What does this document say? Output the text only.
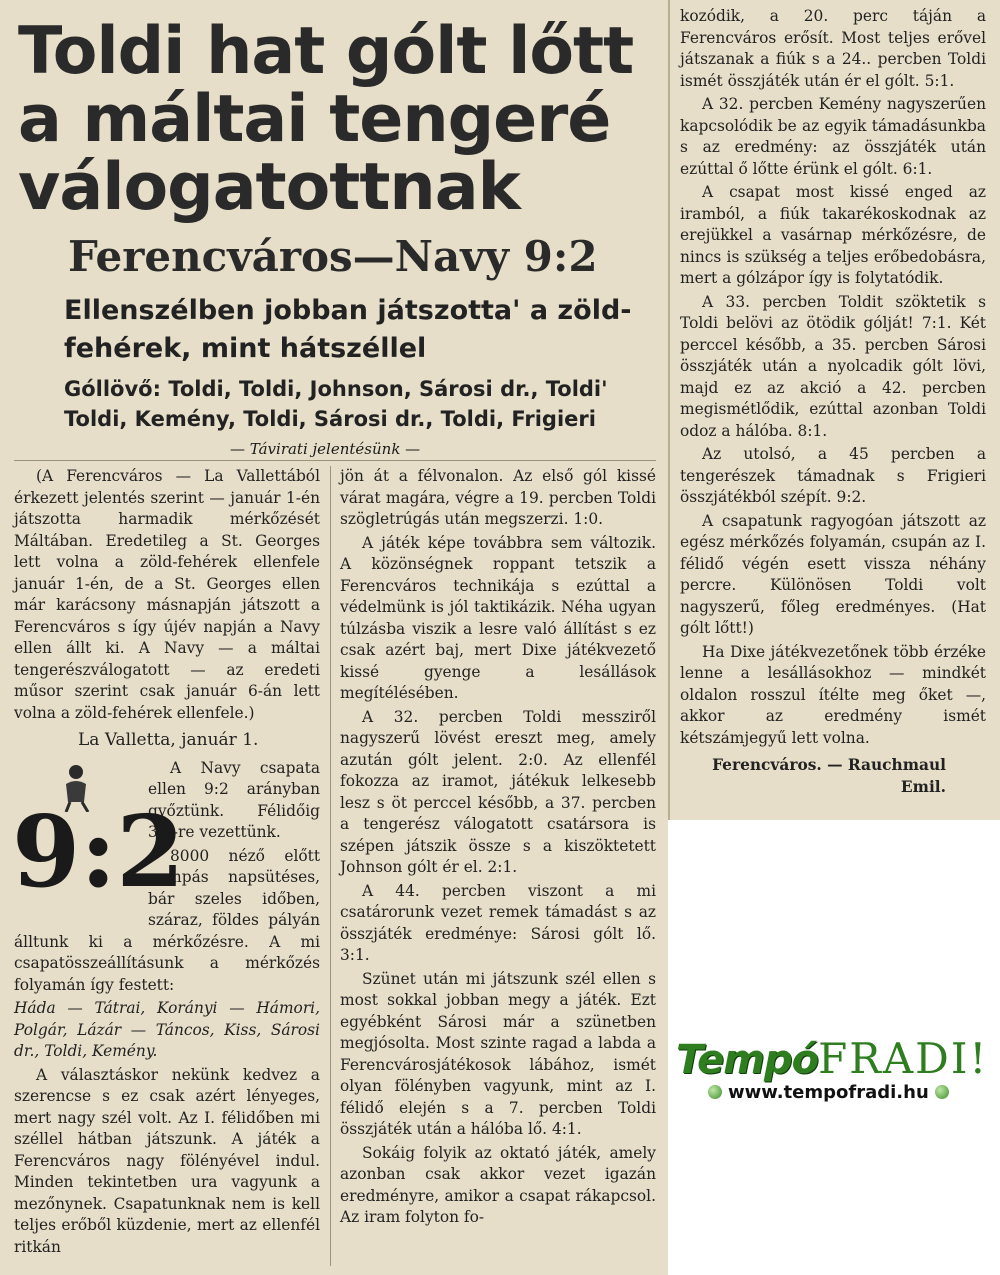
Toldi hat gólt lőtt
a máltai tengeré
válogatottnak
Ferencváros—Navy 9:2
Ellenszélben jobban játszotta' a zöld-fehérek, mint hátszéllel
Góllövő: Toldi, Toldi, Johnson, Sárosi dr., Toldi' Toldi, Kemény, Toldi, Sárosi dr., Toldi, Frigieri
— Távirati jelentésünk —

(A Ferencváros — La Vallettából érkezett jelentés szerint — január 1-én játszotta harmadik mérkőzését Máltában. Eredetileg a St. Georges lett volna a zöld-fehérek ellenfele január 1-én, de a St. Georges ellen már karácsony másnapján játszott a Ferencváros s így újév napján a Navy ellen állt ki. A Navy — a máltai tengerészválogatott — az eredeti műsor szerint csak január 6-án lett volna a zöld-fehérek ellenfele.)

La Valletta, január 1.

9:2

A Navy csapata ellen 9:2 arányban győztünk. Félidőig 3:1-re vezettünk.

8000 néző előtt pompás napsütéses, bár szeles időben, száraz, földes pályán álltunk ki a mérkőzésre. A mi csapatösszeállításunk a mérkőzés folyamán így festett:

Háda — Tátrai, Korányi — Hámori, Polgár, Lázár — Táncos, Kiss, Sárosi dr., Toldi, Kemény.

A választáskor nekünk kedvez a szerencse s ez csak azért lényeges, mert nagy szél volt. Az I. félidőben mi széllel hátban játszunk. A játék a Ferencváros nagy fölényével indul. Minden tekintetben ura vagyunk a mezőnynek. Csapatunknak nem is kell teljes erőből küzdenie, mert az ellenfél ritkán

jön át a félvonalon. Az első gól kissé várat magára, végre a 19. percben Toldi szögletrúgás után megszerzi. 1:0.

A játék képe továbbra sem változik. A közönségnek roppant tetszik a Ferencváros technikája s ezúttal a védelmünk is jól taktikázik. Néha ugyan túlzásba viszik a lesre való állítást s ez csak azért baj, mert Dixe játékvezető kissé gyenge a lesállások megítélésében.

A 32. percben Toldi messziről nagyszerű lövést ereszt meg, amely azután gólt jelent. 2:0. Az ellenfél fokozza az iramot, játékuk lelkesebb lesz s öt perccel később, a 37. percben a tengerész válogatott csatársora is szépen játszik össze s a kiszöktetett Johnson gólt ér el. 2:1.

A 44. percben viszont a mi csatárorunk vezet remek támadást s az összjáték eredménye: Sárosi gólt lő. 3:1.

Szünet után mi játszunk szél ellen s most sokkal jobban megy a játék. Ezt egyébként Sárosi már a szünetben megjósolta. Most szinte ragad a labda a Ferencvárosjátékosok lábához, ismét olyan fölényben vagyunk, mint az I. félidő elején s a 7. percben Toldi összjáték után a hálóba lő. 4:1.

Sokáig folyik az oktató játék, amely azonban csak akkor vezet igazán eredményre, amikor a csapat rákapcsol. Az iram folyton fo-

kozódik, a 20. perc táján a Ferencváros erősít. Most teljes erővel játszanak a fiúk s a 24.. percben Toldi ismét összjáték után ér el gólt. 5:1.

A 32. percben Kemény nagyszerűen kapcsolódik be az egyik támadásunkba s az eredmény: az összjáték után ezúttal ő lőtte érünk el gólt. 6:1.

A csapat most kissé enged az iramból, a fiúk takarékoskodnak az erejükkel a vasárnap mérkőzésre, de nincs is szükség a teljes erőbedobásra, mert a gólzápor így is folytatódik.

A 33. percben Toldit szöktetik s Toldi belövi az ötödik gólját! 7:1. Két perccel később, a 35. percben Sárosi összjáték után a nyolcadik gólt lövi, majd ez az akció a 42. percben megismétlődik, ezúttal azonban Toldi odoz a hálóba. 8:1.

Az utolsó, a 45 percben a tengerészek támadnak s Frigieri összjátékból szépít. 9:2.

A csapatunk ragyogóan játszott az egész mérkőzés folyamán, csupán az I. félidő végén esett vissza néhány percre. Különösen Toldi volt nagyszerű, főleg eredményes. (Hat gólt lőtt!)

Ha Dixe játékvezetőnek több érzéke lenne a lesállásokhoz — mindkét oldalon rosszul ítélte meg őket —, akkor az eredmény ismét kétszámjegyű lett volna.

Ferencváros. — Rauchmaul Emil.

TempóFRADI!
www.tempofradi.hu
